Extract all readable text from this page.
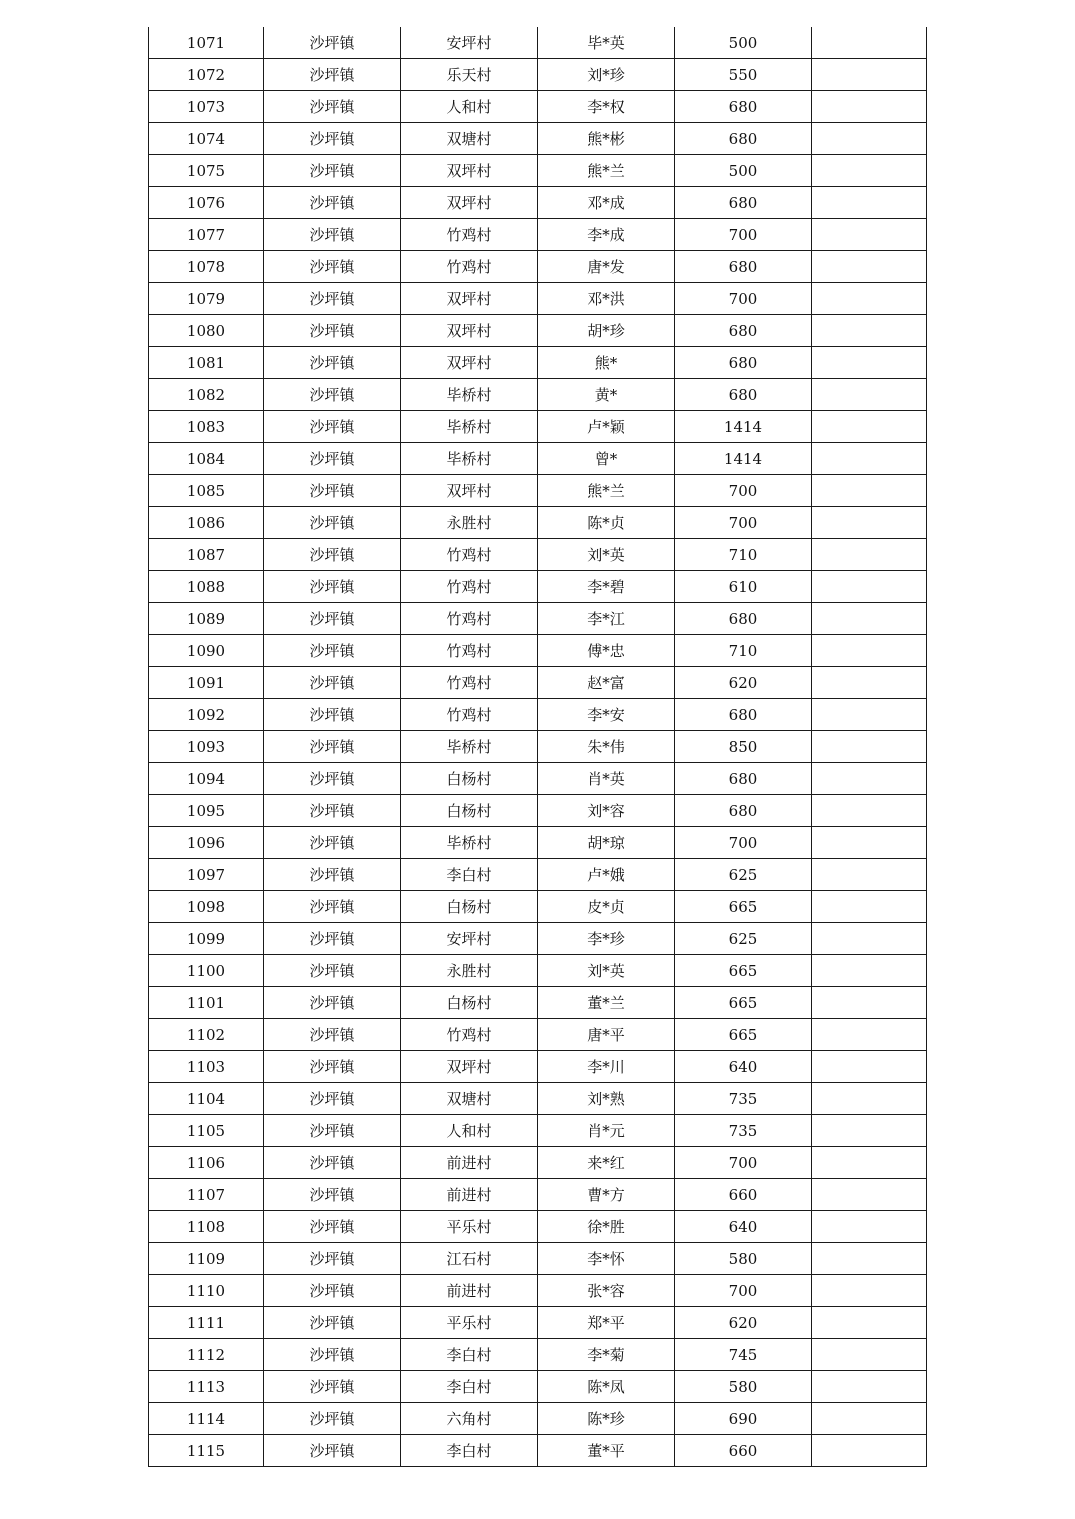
1071	沙坪镇	安坪村	毕*英	500	
1072	沙坪镇	乐天村	刘*珍	550	
1073	沙坪镇	人和村	李*权	680	
1074	沙坪镇	双塘村	熊*彬	680	
1075	沙坪镇	双坪村	熊*兰	500	
1076	沙坪镇	双坪村	邓*成	680	
1077	沙坪镇	竹鸡村	李*成	700	
1078	沙坪镇	竹鸡村	唐*发	680	
1079	沙坪镇	双坪村	邓*洪	700	
1080	沙坪镇	双坪村	胡*珍	680	
1081	沙坪镇	双坪村	熊*	680	
1082	沙坪镇	毕桥村	黄*	680	
1083	沙坪镇	毕桥村	卢*颖	1414	
1084	沙坪镇	毕桥村	曾*	1414	
1085	沙坪镇	双坪村	熊*兰	700	
1086	沙坪镇	永胜村	陈*贞	700	
1087	沙坪镇	竹鸡村	刘*英	710	
1088	沙坪镇	竹鸡村	李*碧	610	
1089	沙坪镇	竹鸡村	李*江	680	
1090	沙坪镇	竹鸡村	傅*忠	710	
1091	沙坪镇	竹鸡村	赵*富	620	
1092	沙坪镇	竹鸡村	李*安	680	
1093	沙坪镇	毕桥村	朱*伟	850	
1094	沙坪镇	白杨村	肖*英	680	
1095	沙坪镇	白杨村	刘*容	680	
1096	沙坪镇	毕桥村	胡*琼	700	
1097	沙坪镇	李白村	卢*娥	625	
1098	沙坪镇	白杨村	皮*贞	665	
1099	沙坪镇	安坪村	李*珍	625	
1100	沙坪镇	永胜村	刘*英	665	
1101	沙坪镇	白杨村	董*兰	665	
1102	沙坪镇	竹鸡村	唐*平	665	
1103	沙坪镇	双坪村	李*川	640	
1104	沙坪镇	双塘村	刘*熟	735	
1105	沙坪镇	人和村	肖*元	735	
1106	沙坪镇	前进村	来*红	700	
1107	沙坪镇	前进村	曹*方	660	
1108	沙坪镇	平乐村	徐*胜	640	
1109	沙坪镇	江石村	李*怀	580	
1110	沙坪镇	前进村	张*容	700	
1111	沙坪镇	平乐村	郑*平	620	
1112	沙坪镇	李白村	李*菊	745	
1113	沙坪镇	李白村	陈*凤	580	
1114	沙坪镇	六角村	陈*珍	690	
1115	沙坪镇	李白村	董*平	660	
